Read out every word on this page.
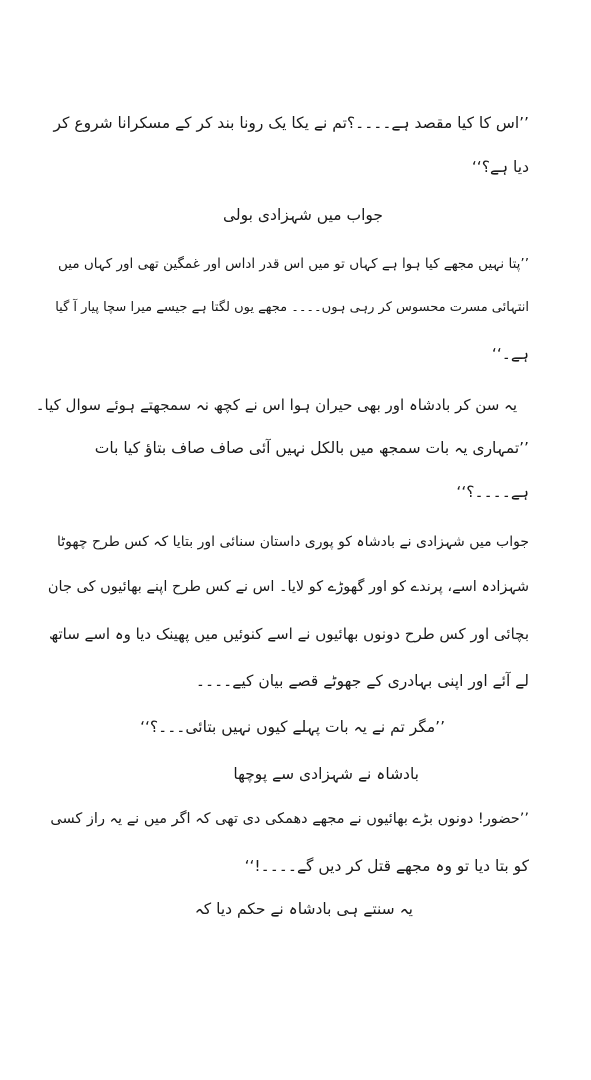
’’اس کا کیا مقصد ہے۔۔۔۔؟تم نے یکا یک رونا بند کر کے مسکرانا شروع کر
دیا ہے؟‘‘
جواب میں شہزادی بولی
’’پتا نہیں مجھے کیا ہوا ہے کہاں تو میں اس قدر اداس اور غمگین تھی اور کہاں میں
انتہائی مسرت محسوس کر رہی ہوں۔۔۔۔ مجھے یوں لگتا ہے جیسے میرا سچا پیار آ گیا
ہے۔‘‘
یہ سن کر بادشاہ اور بھی حیران ہوا اس نے کچھ نہ سمجھتے ہوئے سوال کیا۔
’’تمہاری یہ بات سمجھ میں بالکل نہیں آئی صاف صاف بتاؤ کیا بات
ہے۔۔۔۔؟‘‘
جواب میں شہزادی نے بادشاہ کو پوری داستان سنائی اور بتایا کہ کس طرح چھوٹا
شہزادہ اسے، پرندے کو اور گھوڑے کو لایا۔ اس نے کس طرح اپنے بھائیوں کی جان
بچائی اور کس طرح دونوں بھائیوں نے اسے کنوئیں میں پھینک دیا وہ اسے ساتھ
لے آئے اور اپنی بہادری کے جھوٹے قصے بیان کیے۔۔۔۔
’’مگر تم نے یہ بات پہلے کیوں نہیں بتائی۔۔۔؟‘‘
بادشاہ نے شہزادی سے پوچھا
’’حضور! دونوں بڑے بھائیوں نے مجھے دھمکی دی تھی کہ اگر میں نے یہ راز کسی
کو بتا دیا تو وہ مجھے قتل کر دیں گے۔۔۔۔!‘‘
یہ سنتے ہی بادشاہ نے حکم دیا کہ
